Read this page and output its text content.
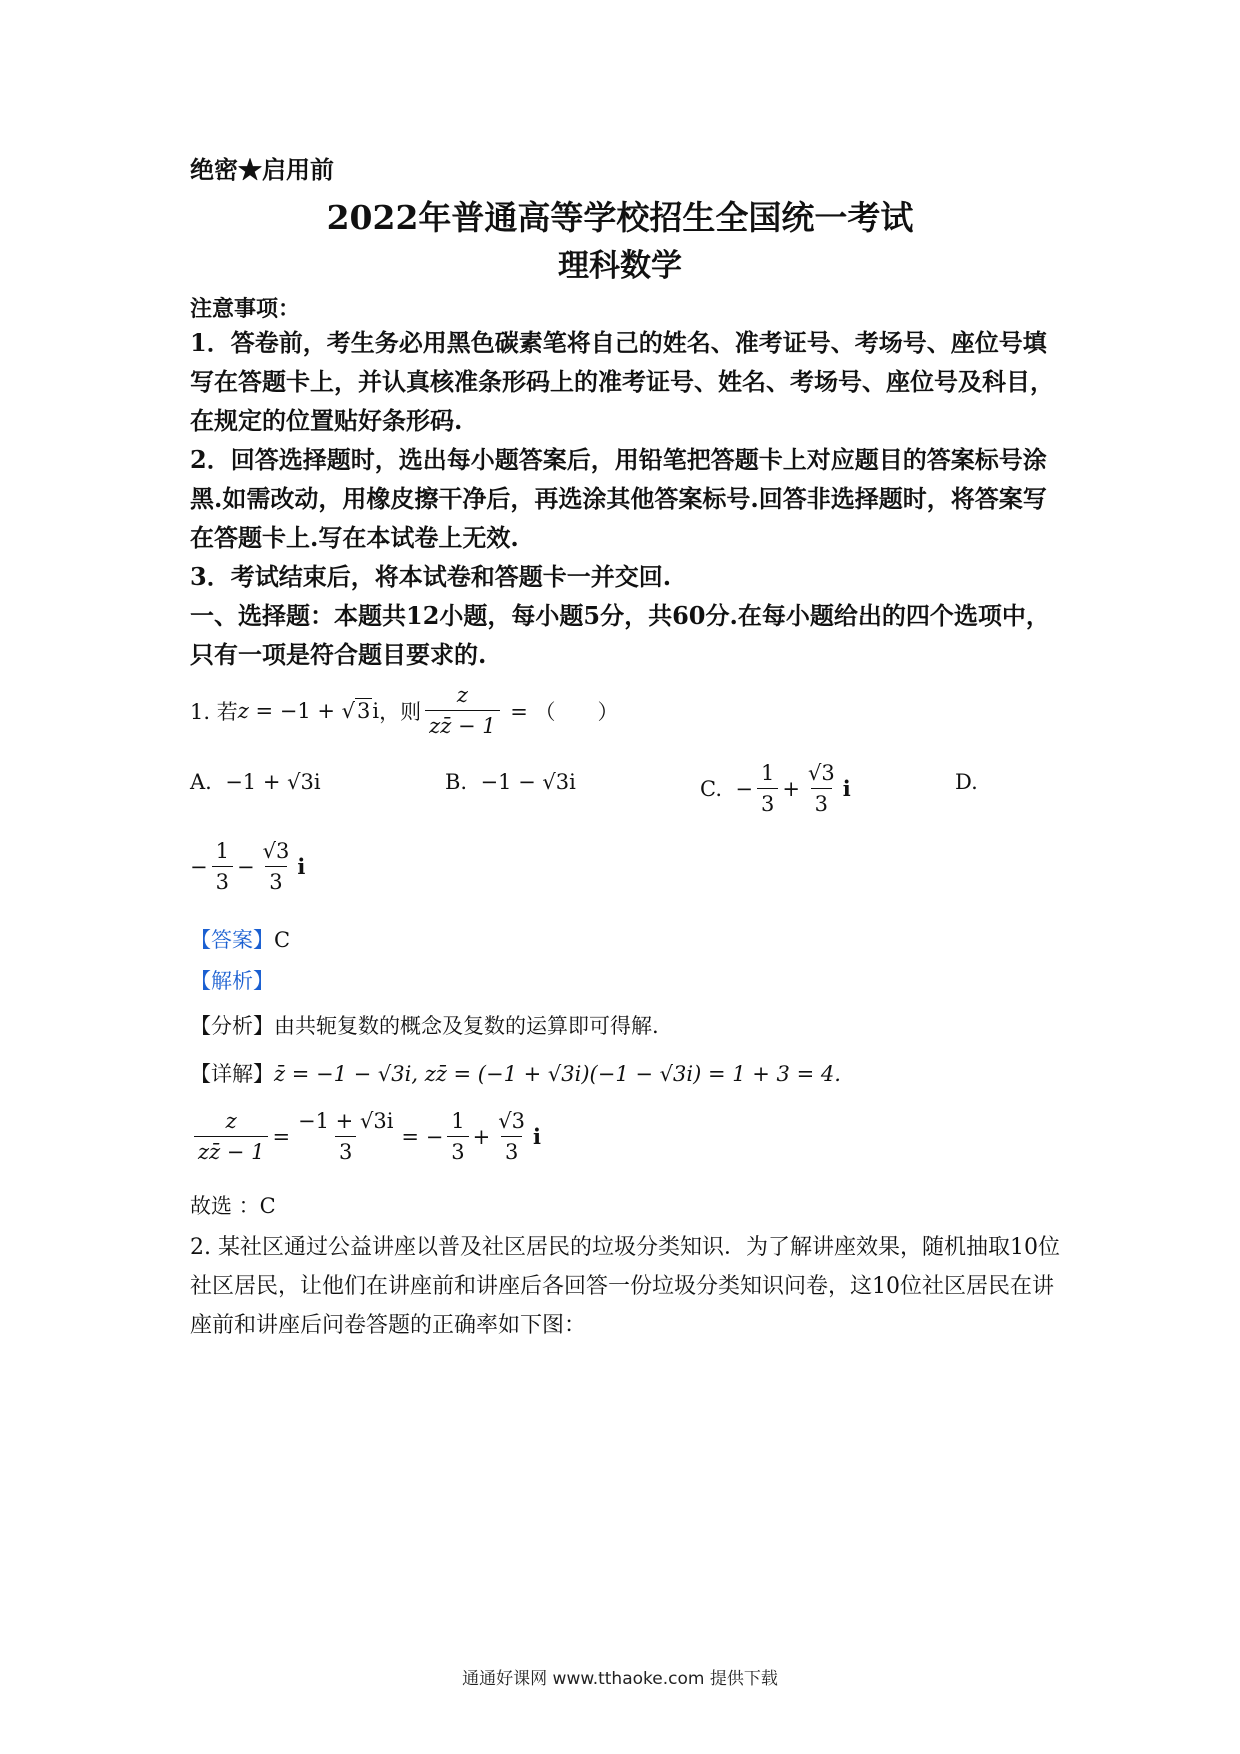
绝密★启用前
2022年普通高等学校招生全国统一考试
理科数学
注意事项：

1．答卷前，考生务必用黑色碳素笔将自己的姓名、准考证号、考场号、座位号填写在答题卡上，并认真核准条形码上的准考证号、姓名、考场号、座位号及科目，在规定的位置贴好条形码.

2．回答选择题时，选出每小题答案后，用铅笔把答题卡上对应题目的答案标号涂黑.如需改动，用橡皮擦干净后，再选涂其他答案标号.回答非选择题时，将答案写在答题卡上.写在本试卷上无效.

3．考试结束后，将本试卷和答题卡一并交回.

一、选择题：本题共12小题，每小题5分，共60分.在每小题给出的四个选项中，只有一项是符合题目要求的.
1. 若 z = −1 + √3 i ，则 $\frac{z}{zz̄ - 1}$ = （　　）
A. −1 + √3i	B. −1 − √3i	C.
− $\frac{1}{3} + \frac{√3}{3}$ i	D.
− $\frac{1}{3} - \frac{√3}{3}$ i
【答案】C
【解析】
【分析】由共轭复数的概念及复数的运算即可得解.
【详解】z̄ = −1 − √3i, zz̄ = (−1 + √3i)(−1 − √3i) = 1 + 3 = 4.
$\frac{z}{zz̄ - 1} = \frac{-1 + √3i}{3}$ = − $\frac{1}{3} + \frac{√3}{3}$ i
故选 ：C
2. 某社区通过公益讲座以普及社区居民的垃圾分类知识．为了解讲座效果，随机抽取10位社区居民，让他们在讲座前和讲座后各回答一份垃圾分类知识问卷，这10位社区居民在讲座前和讲座后问卷答题的正确率如下图：
通通好课网 www.tthaoke.com 提供下载
